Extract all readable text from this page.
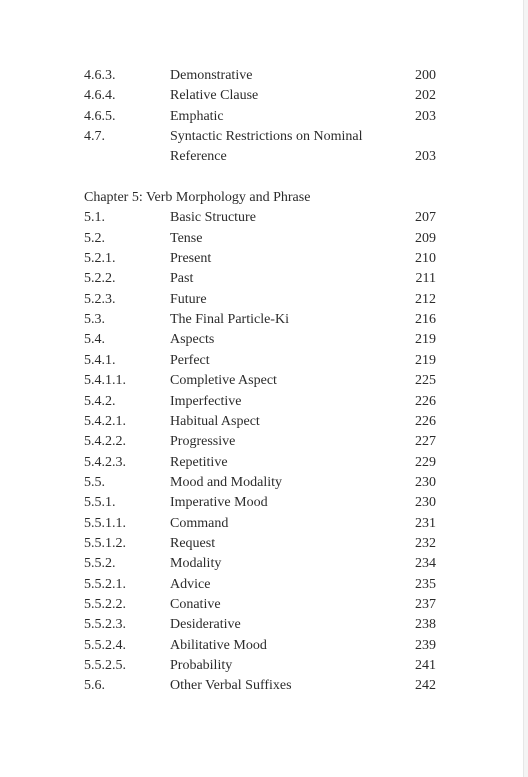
4.6.3.	Demonstrative	200
4.6.4.	Relative Clause	202
4.6.5.	Emphatic	203
4.7.	Syntactic Restrictions on Nominal
Reference	203
Chapter 5: Verb Morphology and Phrase
5.1.	Basic Structure	207
5.2.	Tense	209
5.2.1.	Present	210
5.2.2.	Past	211
5.2.3.	Future	212
5.3.	The Final Particle-Ki	216
5.4.	Aspects	219
5.4.1.	Perfect	219
5.4.1.1.	Completive Aspect	225
5.4.2.	Imperfective	226
5.4.2.1.	Habitual Aspect	226
5.4.2.2.	Progressive	227
5.4.2.3.	Repetitive	229
5.5.	Mood and Modality	230
5.5.1.	Imperative Mood	230
5.5.1.1.	Command	231
5.5.1.2.	Request	232
5.5.2.	Modality	234
5.5.2.1.	Advice	235
5.5.2.2.	Conative	237
5.5.2.3.	Desiderative	238
5.5.2.4.	Abilitative Mood	239
5.5.2.5.	Probability	241
5.6.	Other Verbal Suffixes	242
